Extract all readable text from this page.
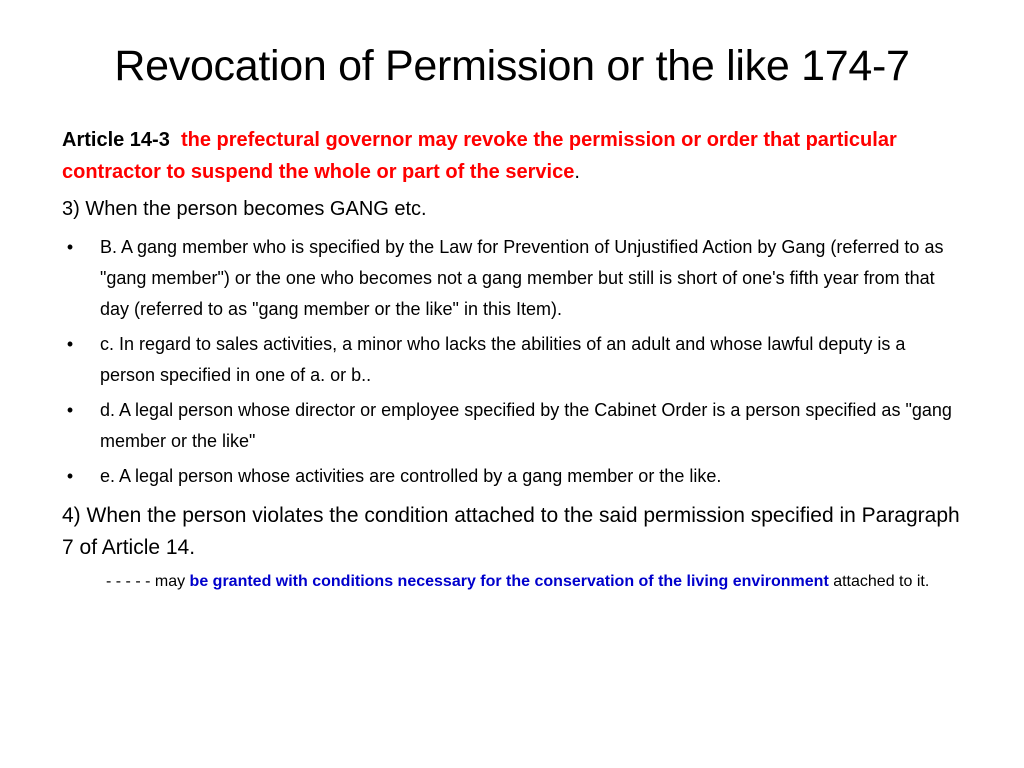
Revocation of Permission or the like 174-7

Article 14-3 the prefectural governor may revoke the permission or order that particular contractor to suspend the whole or part of the service.

3) When the person becomes GANG etc.

•	B. A gang member who is specified by the Law for Prevention of Unjustified Action by Gang (referred to as "gang member") or the one who becomes not a gang member but still is short of one's fifth year from that day (referred to as "gang member or the like" in this Item).
•	c. In regard to sales activities, a minor who lacks the abilities of an adult and whose lawful deputy is a person specified in one of a. or b..
•	d. A legal person whose director or employee specified by the Cabinet Order is a person specified as "gang member or the like"
•	e. A legal person whose activities are controlled by a gang member or the like.

4) When the person violates the condition attached to the said permission specified in Paragraph 7 of Article 14.

- - - - - may be granted with conditions necessary for the conservation of the living environment attached to it.
